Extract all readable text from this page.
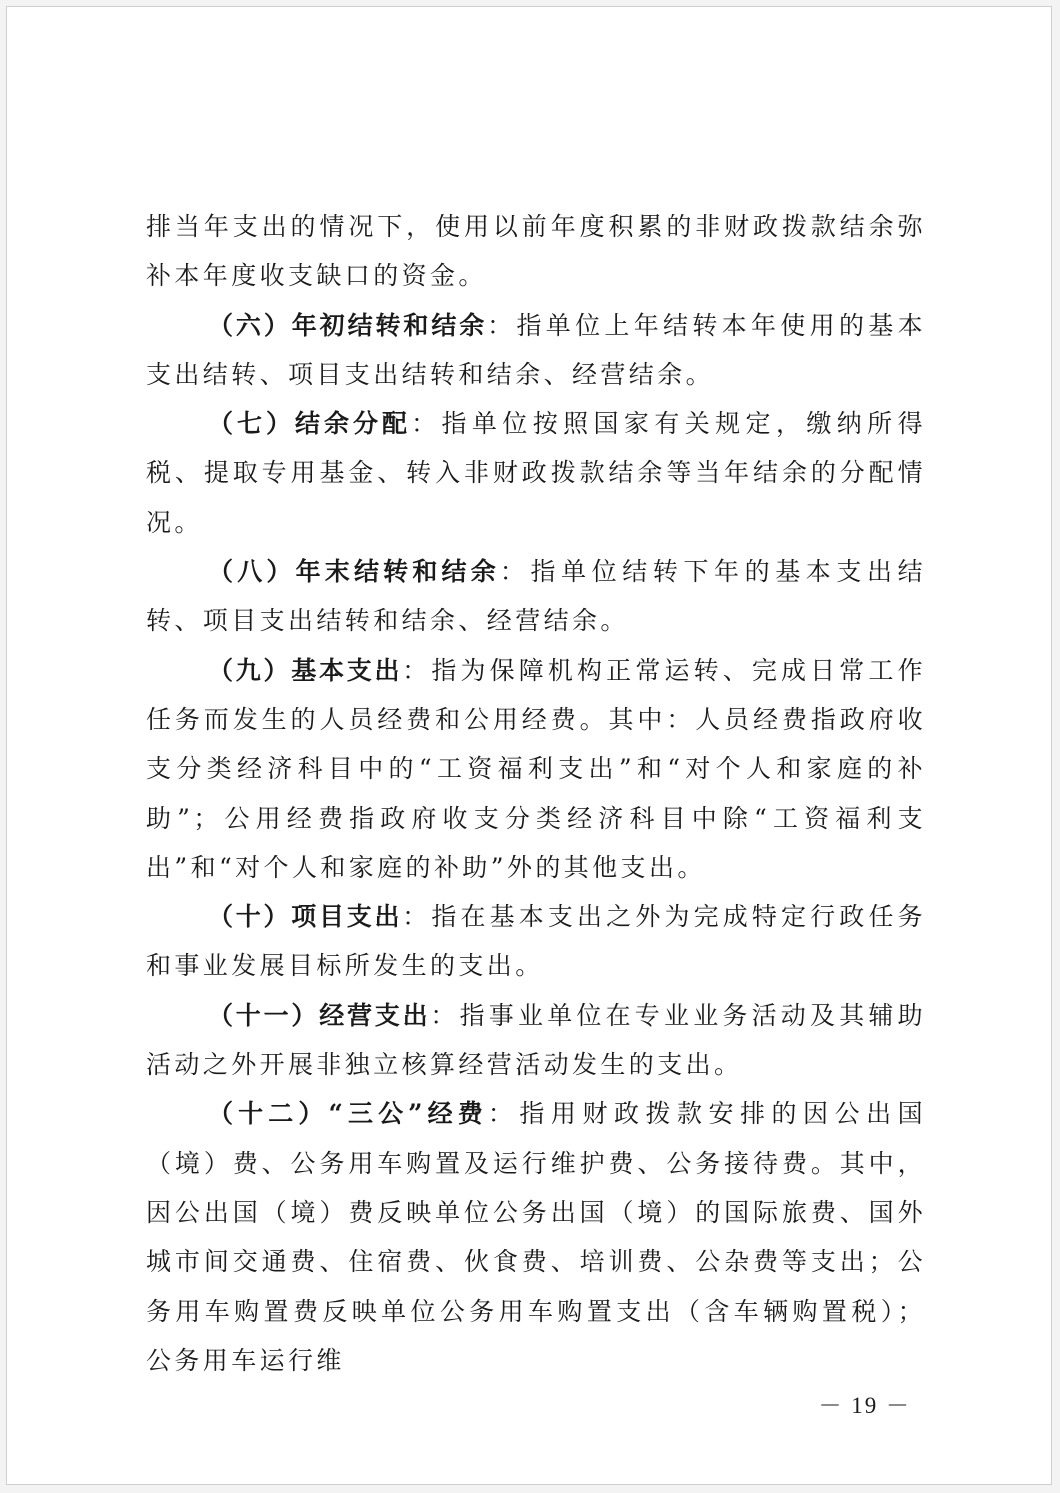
排当年支出的情况下，使用以前年度积累的非财政拨款结余弥补本年度收支缺口的资金。

（六）年初结转和结余：指单位上年结转本年使用的基本支出结转、项目支出结转和结余、经营结余。

（七）结余分配：指单位按照国家有关规定，缴纳所得税、提取专用基金、转入非财政拨款结余等当年结余的分配情况。

（八）年末结转和结余：指单位结转下年的基本支出结转、项目支出结转和结余、经营结余。

（九）基本支出：指为保障机构正常运转、完成日常工作任务而发生的人员经费和公用经费。其中：人员经费指政府收支分类经济科目中的“工资福利支出”和“对个人和家庭的补助”；公用经费指政府收支分类经济科目中除“工资福利支出”和“对个人和家庭的补助”外的其他支出。

（十）项目支出：指在基本支出之外为完成特定行政任务和事业发展目标所发生的支出。

（十一）经营支出：指事业单位在专业业务活动及其辅助活动之外开展非独立核算经营活动发生的支出。

（十二）“三公”经费：指用财政拨款安排的因公出国（境）费、公务用车购置及运行维护费、公务接待费。其中，因公出国（境）费反映单位公务出国（境）的国际旅费、国外城市间交通费、住宿费、伙食费、培训费、公杂费等支出；公务用车购置费反映单位公务用车购置支出（含车辆购置税）；公务用车运行维

－ 19 －
